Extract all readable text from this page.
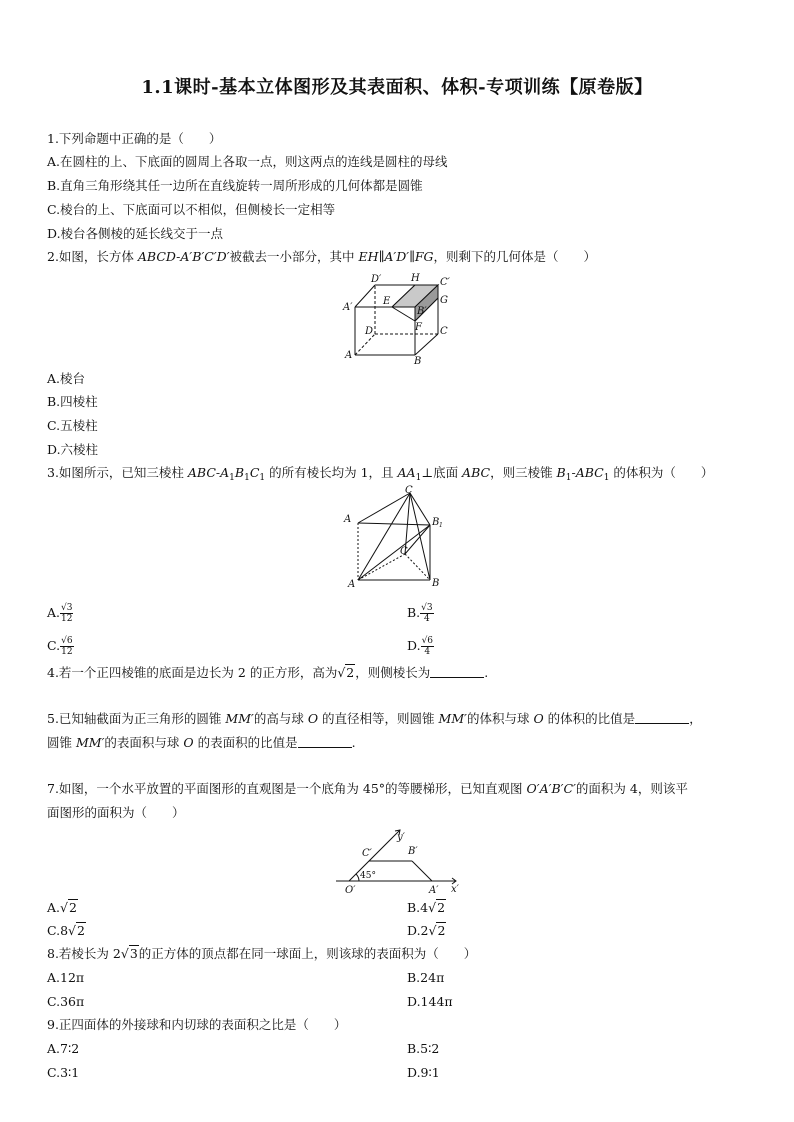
1.1课时-基本立体图形及其表面积、体积-专项训练【原卷版】
1.下列命题中正确的是（　　）
A.在圆柱的上、下底面的圆周上各取一点，则这两点的连线是圆柱的母线
B.直角三角形绕其任一边所在直线旋转一周所形成的几何体都是圆锥
C.棱台的上、下底面可以不相似，但侧棱长一定相等
D.棱台各侧棱的延长线交于一点
2.如图，长方体 ABCD-A′B′C′D′被截去一小部分，其中 EH∥A′D′∥FG，则剩下的几何体是（　　）
D′	H C′
A′
E
B′
G
D	F C
A
B
A.棱台
B.四棱柱
C.五棱柱
D.六棱柱
3.如图所示，已知三棱柱 ABC-$A_1B_1C_1$ 的所有棱长均为 1，且 $AA_1\perp$底面 ABC，则三棱锥 $B_1-ABC_1$ 的体积为（　　）
C
A	B 1
C
A	B
A. $\frac{√3}{12}$	B. $\frac{√3}{4}$
C. $\frac{√6}{12}$	D. $\frac{√6}{4}$
4.若一个正四棱锥的底面是边长为 2 的正方形，高为√2，则侧棱长为	.
5.已知轴截面为正三角形的圆锥 MM′的高与球 O 的直径相等，则圆锥 MM′的体积与球 O 的体积的比值是	，
圆锥 MM′的表面积与球 O 的表面积的比值是	.
7.如图，一个水平放置的平面图形的直观图是一个底角为 45°的等腰梯形，已知直观图 O′A′B′C′的面积为 4，则该平
面图形的面积为（　　）
y′
C′	B′
45°
O′	A′ x′
A.√2	B.4√2
C.8√2	D.2√2
8.若棱长为 2√3的正方体的顶点都在同一球面上，则该球的表面积为（　　）
A.12π	B.24π
C.36π	D.144π
9.正四面体的外接球和内切球的表面积之比是（　　）
A.7∶2	B.5∶2
C.3∶1	D.9∶1
